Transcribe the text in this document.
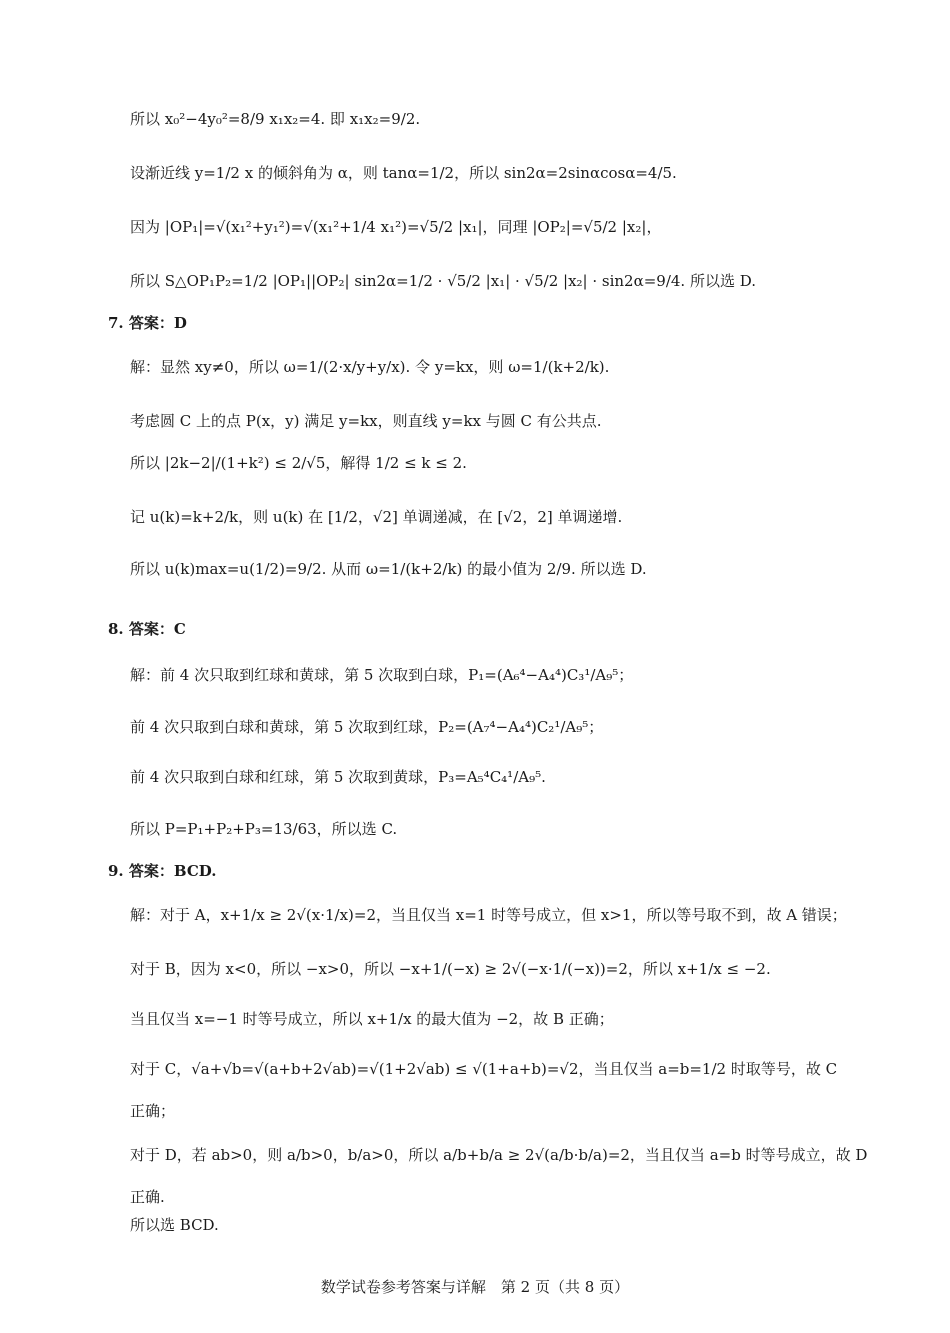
所以 x₀²−4y₀²=8/9 x₁x₂=4. 即 x₁x₂=9/2.
设渐近线 y=1/2 x 的倾斜角为 α，则 tanα=1/2，所以 sin2α=2sinαcosα=4/5.
因为 |OP₁|=√(x₁²+y₁²)=√(x₁²+1/4 x₁²)=√5/2 |x₁|，同理 |OP₂|=√5/2 |x₂|，
所以 S△OP₁P₂=1/2 |OP₁||OP₂| sin2α=1/2 · √5/2 |x₁| · √5/2 |x₂| · sin2α=9/4. 所以选 D.
7. 答案：D
解：显然 xy≠0，所以 ω=1/(2·x/y+y/x). 令 y=kx，则 ω=1/(k+2/k).
考虑圆 C 上的点 P(x，y) 满足 y=kx，则直线 y=kx 与圆 C 有公共点.
所以 |2k−2|/(1+k²) ≤ 2/√5，解得 1/2 ≤ k ≤ 2.
记 u(k)=k+2/k，则 u(k) 在 [1/2，√2] 单调递减，在 [√2，2] 单调递增.
所以 u(k)max=u(1/2)=9/2. 从而 ω=1/(k+2/k) 的最小值为 2/9. 所以选 D.
8. 答案：C
解：前 4 次只取到红球和黄球，第 5 次取到白球，P₁=(A₆⁴−A₄⁴)C₃¹/A₉⁵；
前 4 次只取到白球和黄球，第 5 次取到红球，P₂=(A₇⁴−A₄⁴)C₂¹/A₉⁵；
前 4 次只取到白球和红球，第 5 次取到黄球，P₃=A₅⁴C₄¹/A₉⁵.
所以 P=P₁+P₂+P₃=13/63，所以选 C.
9. 答案：BCD.
解：对于 A，x+1/x ≥ 2√(x·1/x)=2，当且仅当 x=1 时等号成立，但 x>1，所以等号取不到，故 A 错误；
对于 B，因为 x<0，所以 −x>0，所以 −x+1/(−x) ≥ 2√(−x·1/(−x))=2，所以 x+1/x ≤ −2.
当且仅当 x=−1 时等号成立，所以 x+1/x 的最大值为 −2，故 B 正确；
对于 C，√a+√b=√(a+b+2√ab)=√(1+2√ab) ≤ √(1+a+b)=√2，当且仅当 a=b=1/2 时取等号，故 C
正确；
对于 D，若 ab>0，则 a/b>0，b/a>0，所以 a/b+b/a ≥ 2√(a/b·b/a)=2，当且仅当 a=b 时等号成立，故 D
正确.
所以选 BCD.
数学试卷参考答案与详解　第 2 页（共 8 页）
